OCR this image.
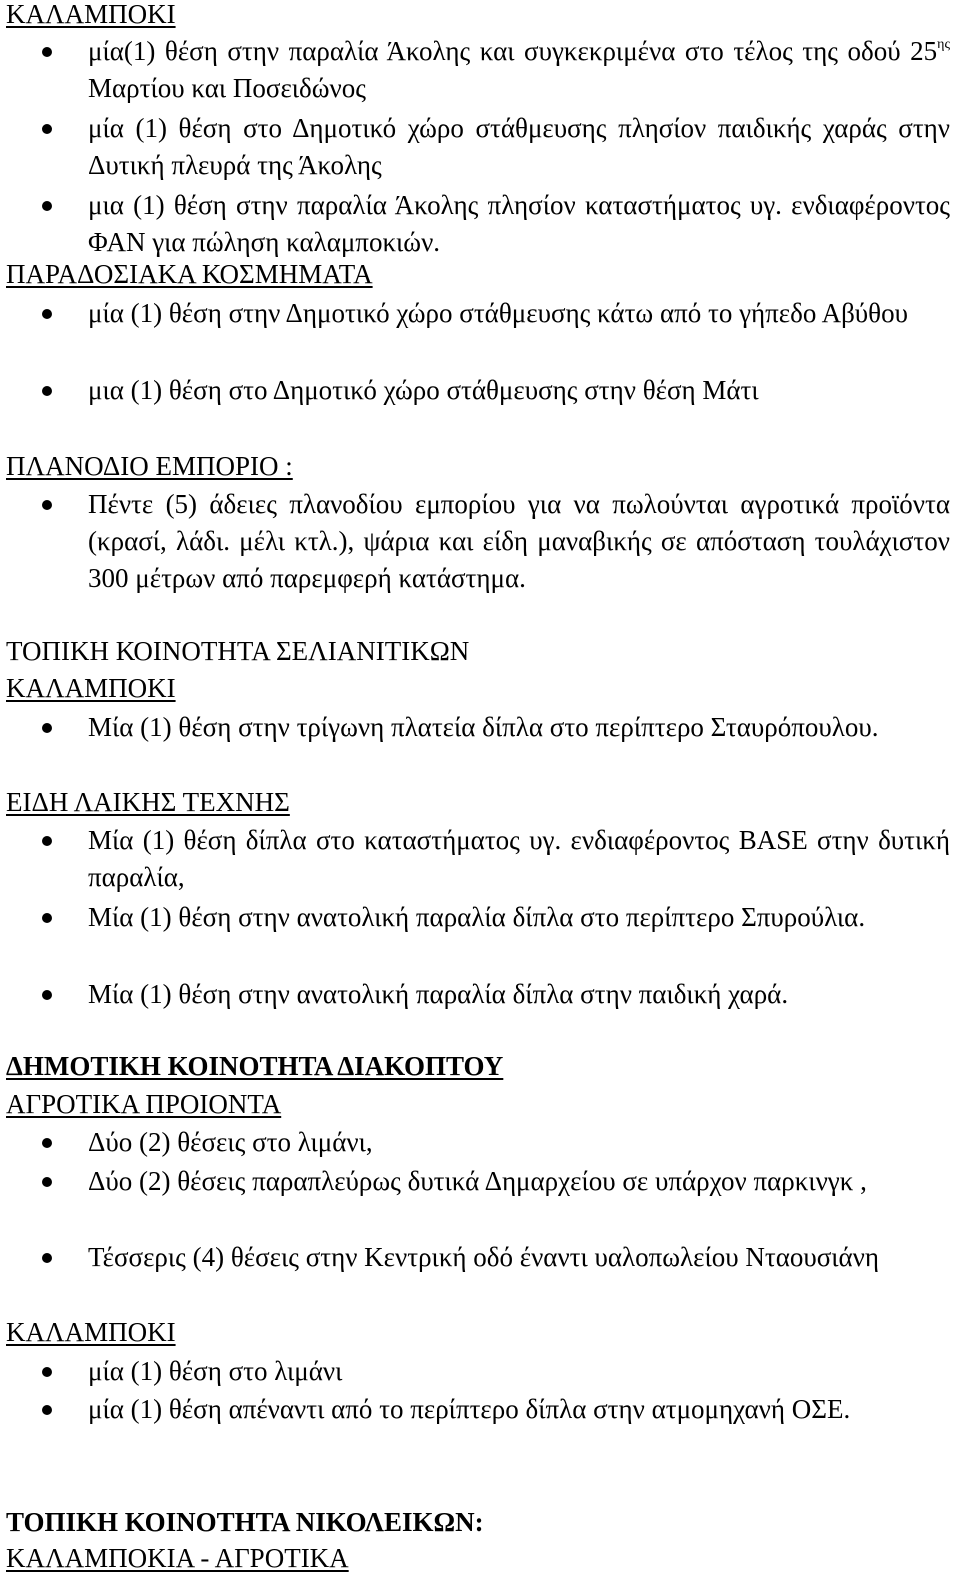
ΚΑΛΑΜΠΟΚΙ
μία(1) θέση στην παραλία Άκολης και συγκεκριμένα στο τέλος της οδού $25^{\eta\varsigma}$ Μαρτίου και Ποσειδώνος
μία (1) θέση στο Δημοτικό χώρο στάθμευσης πλησίον παιδικής χαράς στην Δυτική πλευρά της Άκολης
μια (1) θέση στην παραλία Άκολης πλησίον καταστήματος υγ. ενδιαφέροντος ΦΑΝ για πώληση καλαμποκιών.
ΠΑΡΑΔΟΣΙΑΚΑ ΚΟΣΜΗΜΑΤΑ
μία (1) θέση στην Δημοτικό χώρο στάθμευσης κάτω από το γήπεδο Αβύθου
μια (1) θέση στο Δημοτικό χώρο στάθμευσης στην θέση Μάτι
ΠΛΑΝΟΔΙΟ ΕΜΠΟΡΙΟ :
Πέντε (5) άδειες πλανοδίου εμπορίου για να πωλούνται αγροτικά προϊόντα (κρασί, λάδι. μέλι κτλ.), ψάρια και είδη μαναβικής σε απόσταση τουλάχιστον 300 μέτρων από παρεμφερή κατάστημα.
ΤΟΠΙΚΗ ΚΟΙΝΟΤΗΤΑ ΣΕΛΙΑΝΙΤΙΚΩΝ
ΚΑΛΑΜΠΟΚΙ
Μία (1) θέση στην τρίγωνη πλατεία δίπλα στο περίπτερο Σταυρόπουλου.
ΕΙΔΗ ΛΑΙΚΗΣ ΤΕΧΝΗΣ
Μία (1) θέση δίπλα στο καταστήματος υγ. ενδιαφέροντος BASE στην δυτική παραλία,
Μία (1) θέση στην ανατολική παραλία δίπλα στο περίπτερο Σπυρούλια.
Μία (1) θέση στην ανατολική παραλία δίπλα στην παιδική χαρά.
ΔΗΜΟΤΙΚΗ ΚΟΙΝΟΤΗΤΑ ΔΙΑΚΟΠΤΟΥ
ΑΓΡΟΤΙΚΑ ΠΡΟΙΟΝΤΑ
Δύο (2) θέσεις στο λιμάνι,
Δύο (2) θέσεις παραπλεύρως δυτικά Δημαρχείου σε υπάρχον παρκινγκ ,
Τέσσερις (4) θέσεις στην Κεντρική οδό έναντι υαλοπωλείου Νταουσιάνη
ΚΑΛΑΜΠΟΚΙ
μία (1) θέση στο λιμάνι
μία (1) θέση απέναντι από το περίπτερο δίπλα στην ατμομηχανή ΟΣΕ.
ΤΟΠΙΚΗ ΚΟΙΝΟΤΗΤΑ ΝΙΚΟΛΕΙΚΩΝ:
ΚΑΛΑΜΠΟΚΙΑ - ΑΓΡΟΤΙΚΑ
